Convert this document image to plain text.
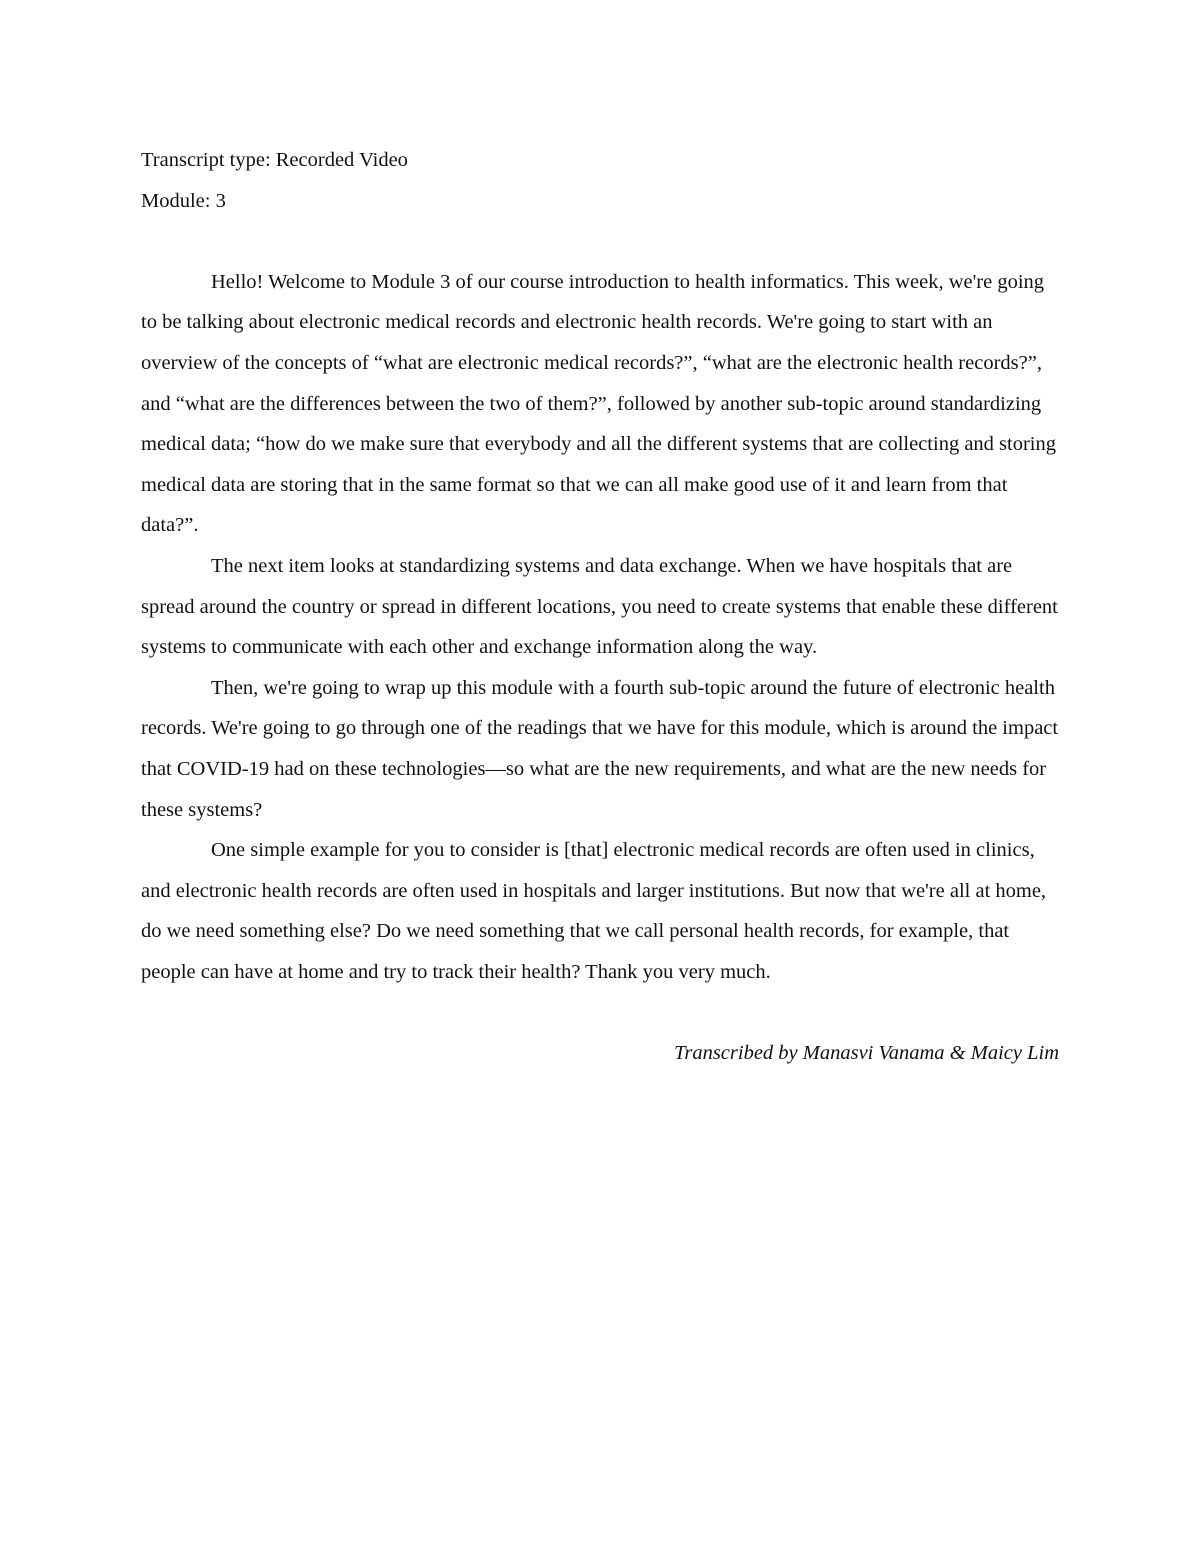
Transcript type: Recorded Video

Module: 3

Hello! Welcome to Module 3 of our course introduction to health informatics. This week, we're going to be talking about electronic medical records and electronic health records. We're going to start with an overview of the concepts of “what are electronic medical records?”, “what are the electronic health records?”, and “what are the differences between the two of them?”, followed by another sub-topic around standardizing medical data; “how do we make sure that everybody and all the different systems that are collecting and storing medical data are storing that in the same format so that we can all make good use of it and learn from that data?”.

The next item looks at standardizing systems and data exchange. When we have hospitals that are spread around the country or spread in different locations, you need to create systems that enable these different systems to communicate with each other and exchange information along the way.

Then, we're going to wrap up this module with a fourth sub-topic around the future of electronic health records. We're going to go through one of the readings that we have for this module, which is around the impact that COVID-19 had on these technologies—so what are the new requirements, and what are the new needs for these systems?

One simple example for you to consider is [that] electronic medical records are often used in clinics, and electronic health records are often used in hospitals and larger institutions. But now that we're all at home, do we need something else? Do we need something that we call personal health records, for example, that people can have at home and try to track their health? Thank you very much.

Transcribed by Manasvi Vanama & Maicy Lim
